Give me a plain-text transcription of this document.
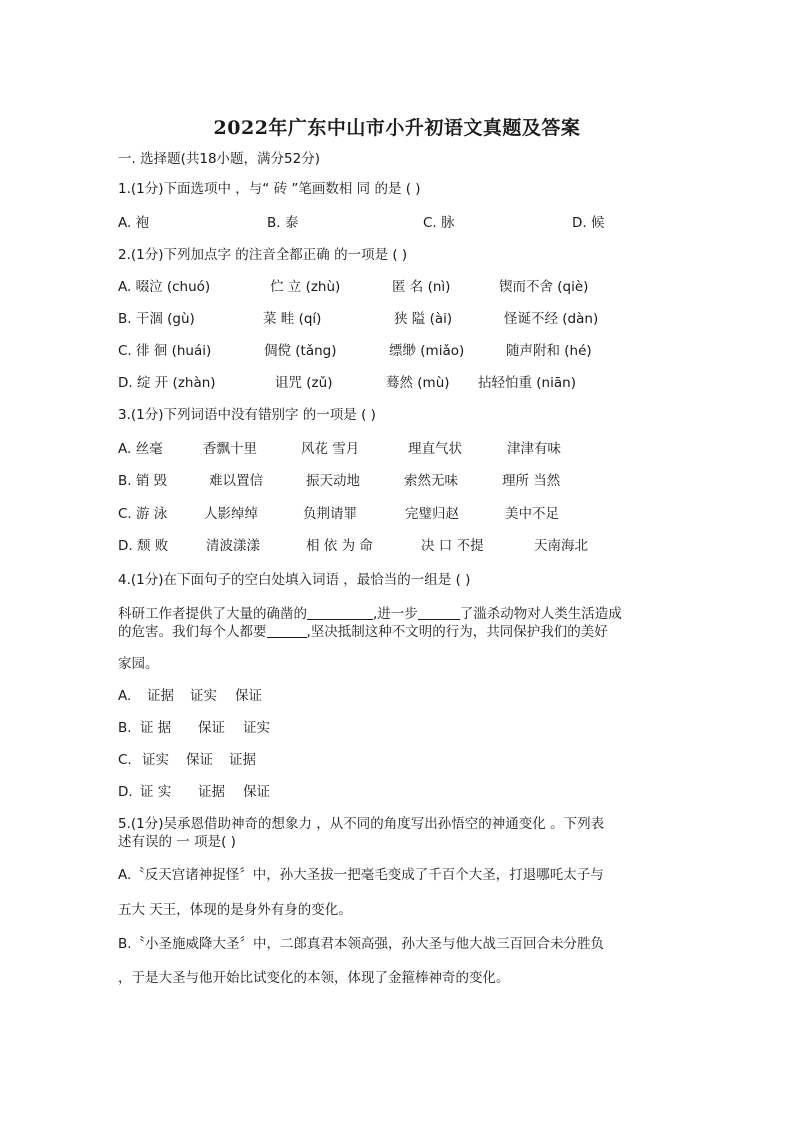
2022年广东中山市小升初语文真题及答案
一. 选择题(共18小题，满分52分)
1.(1分)下面选项中 ，与“ 砖 ”笔画数相 同 的是 ( )
A. 袍	B. 泰	C. 脉	D. 候
2.(1分)下列加点字 的注音全都正确 的一项是 ( )
A. 啜泣 (chuó)	伫 立 (zhù)	匿 名 (nì)	锲而不舍 (qiè)
B. 干涸 (gù)	菜 畦 (qí)	狭 隘 (ài)	怪诞不经 (dàn)
C. 徘 徊 (huái)	倜傥 (tǎng)	缥缈 (miǎo)	随声附和 (hé)
D. 绽 开 (zhàn)	诅咒 (zǔ)	蓦然 (mù) 拈轻怕重 (niān)
3.(1分)下列词语中没有错别字 的一项是 ( )
A. 丝毫	香飘十里	风花 雪月	理直气状	津津有味
B. 销 毁	难以置信	振天动地	索然无味	理所 当然
C. 游 泳	人影绰绰	负荆请罪	完璧归赵	美中不足
D. 颓 败	清波漾漾	相 依 为 命	决 口 不提	天南海北
4.(1分)在下面句子的空白处填入词语 ，最恰当的一组是 ( )
科研工作者提供了大量的确凿的	,进一步	了滥杀动物对人类生活造成
的危害。我们每个人都要	,坚决抵制这种不文明的行为，共同保护我们的美好
家园。
A. 证据 证实 保证
B. 证 据 保证 证实
C. 证实 保证 证据
D. 证 实 证据 保证
5.(1分)吴承恩借助神奇的想象力 ，从不同的角度写出孙悟空的神通变化 。下列表
述有误的 一 项是( )
A.〝反天宫诸神捉怪〞中，孙大圣拔一把毫毛变成了千百个大圣，打退哪吒太子与
五大 天王，体现的是身外有身的变化。
B.〝小圣施威降大圣〞中，二郎真君本领高强，孙大圣与他大战三百回合未分胜负
，于是大圣与他开始比试变化的本领，体现了金箍棒神奇的变化。
